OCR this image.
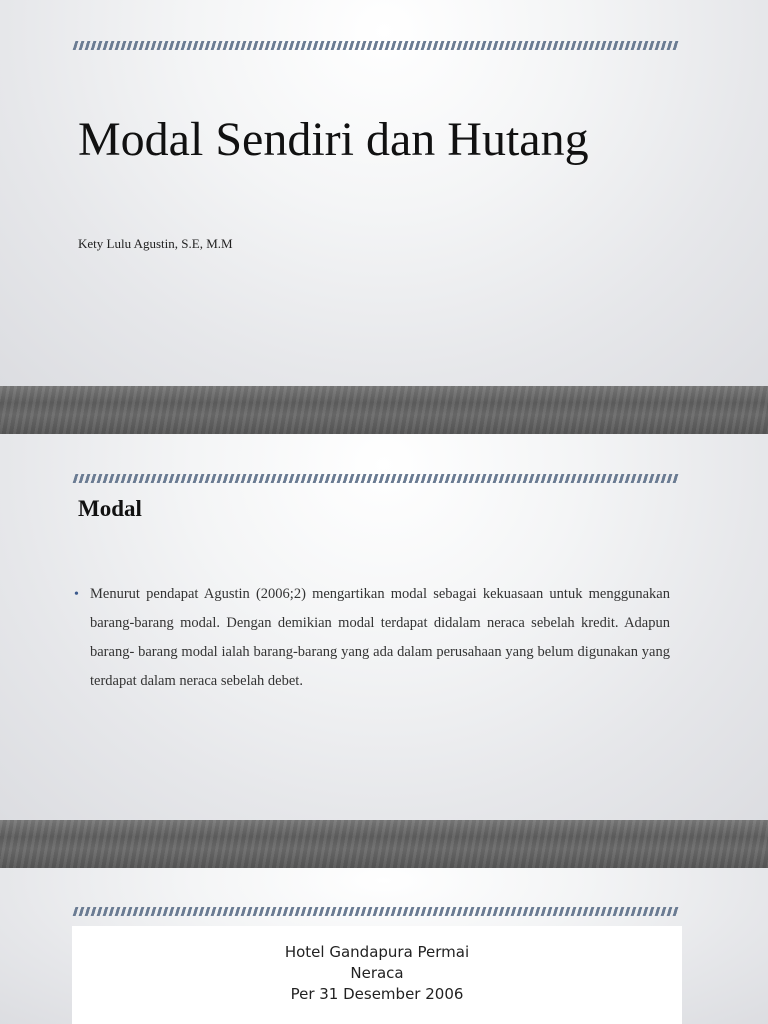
Modal Sendiri dan Hutang
Kety Lulu Agustin, S.E, M.M
Modal
• Menurut pendapat Agustin (2006;2) mengartikan modal sebagai kekuasaan untuk menggunakan barang-barang modal. Dengan demikian modal terdapat didalam neraca sebelah kredit. Adapun barang- barang modal ialah barang-barang yang ada dalam perusahaan yang belum digunakan yang terdapat dalam neraca sebelah debet.
Hotel Gandapura Permai
Neraca
Per 31 Desember 2006
